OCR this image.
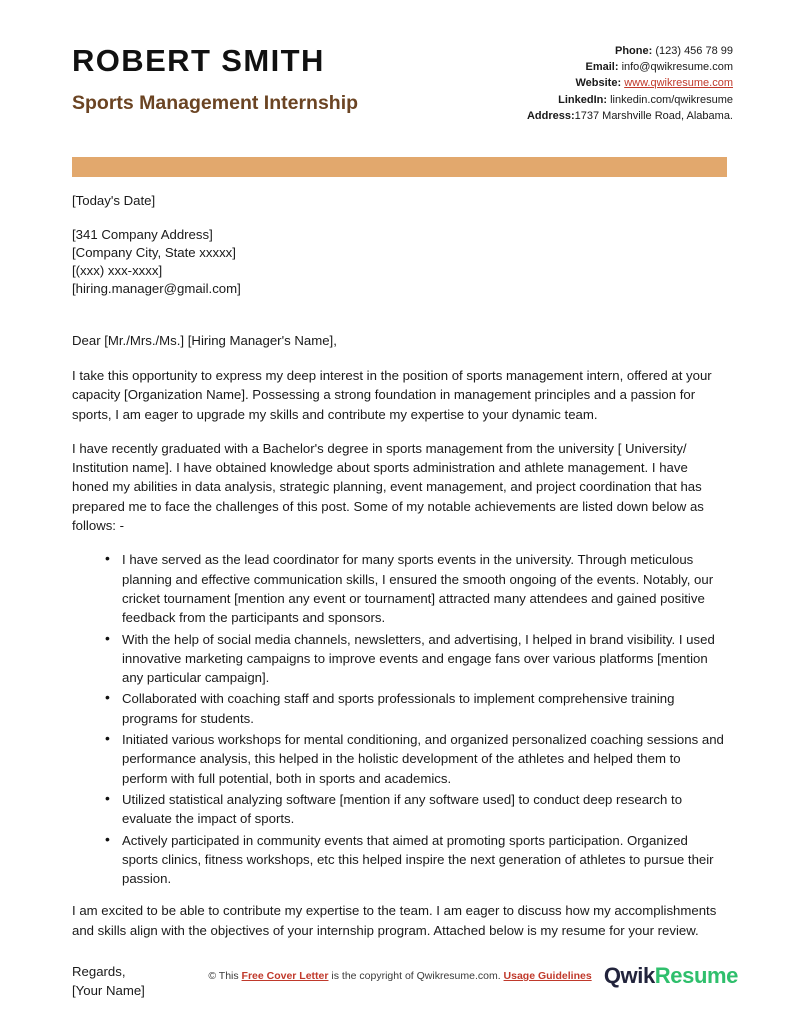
ROBERT SMITH
Sports Management Internship
Phone: (123) 456 78 99
Email: info@qwikresume.com
Website: www.qwikresume.com
LinkedIn: linkedin.com/qwikresume
Address:1737 Marshville Road, Alabama.
[Today's Date]
[341 Company Address]
[Company City, State xxxxx]
[(xxx) xxx-xxxx]
[hiring.manager@gmail.com]
Dear [Mr./Mrs./Ms.] [Hiring Manager's Name],

I take this opportunity to express my deep interest in the position of sports management intern, offered at your capacity [Organization Name]. Possessing a strong foundation in management principles and a passion for sports, I am eager to upgrade my skills and contribute my expertise to your dynamic team.

I have recently graduated with a Bachelor's degree in sports management from the university [ University/ Institution name]. I have obtained knowledge about sports administration and athlete management. I have honed my abilities in data analysis, strategic planning, event management, and project coordination that has prepared me to face the challenges of this post. Some of my notable achievements are listed down below as follows: -

• I have served as the lead coordinator for many sports events in the university. Through meticulous planning and effective communication skills, I ensured the smooth ongoing of the events. Notably, our cricket tournament [mention any event or tournament] attracted many attendees and gained positive feedback from the participants and sponsors.
• With the help of social media channels, newsletters, and advertising, I helped in brand visibility. I used innovative marketing campaigns to improve events and engage fans over various platforms [mention any particular campaign].
• Collaborated with coaching staff and sports professionals to implement comprehensive training programs for students.
• Initiated various workshops for mental conditioning, and organized personalized coaching sessions and performance analysis, this helped in the holistic development of the athletes and helped them to perform with full potential, both in sports and academics.
• Utilized statistical analyzing software [mention if any software used] to conduct deep research to evaluate the impact of sports.
• Actively participated in community events that aimed at promoting sports participation. Organized sports clinics, fitness workshops, etc this helped inspire the next generation of athletes to pursue their passion.

I am excited to be able to contribute my expertise to the team. I am eager to discuss how my accomplishments and skills align with the objectives of your internship program. Attached below is my resume for your review.

Regards,
[Your Name]
© This Free Cover Letter is the copyright of Qwikresume.com. Usage Guidelines QwikResume
